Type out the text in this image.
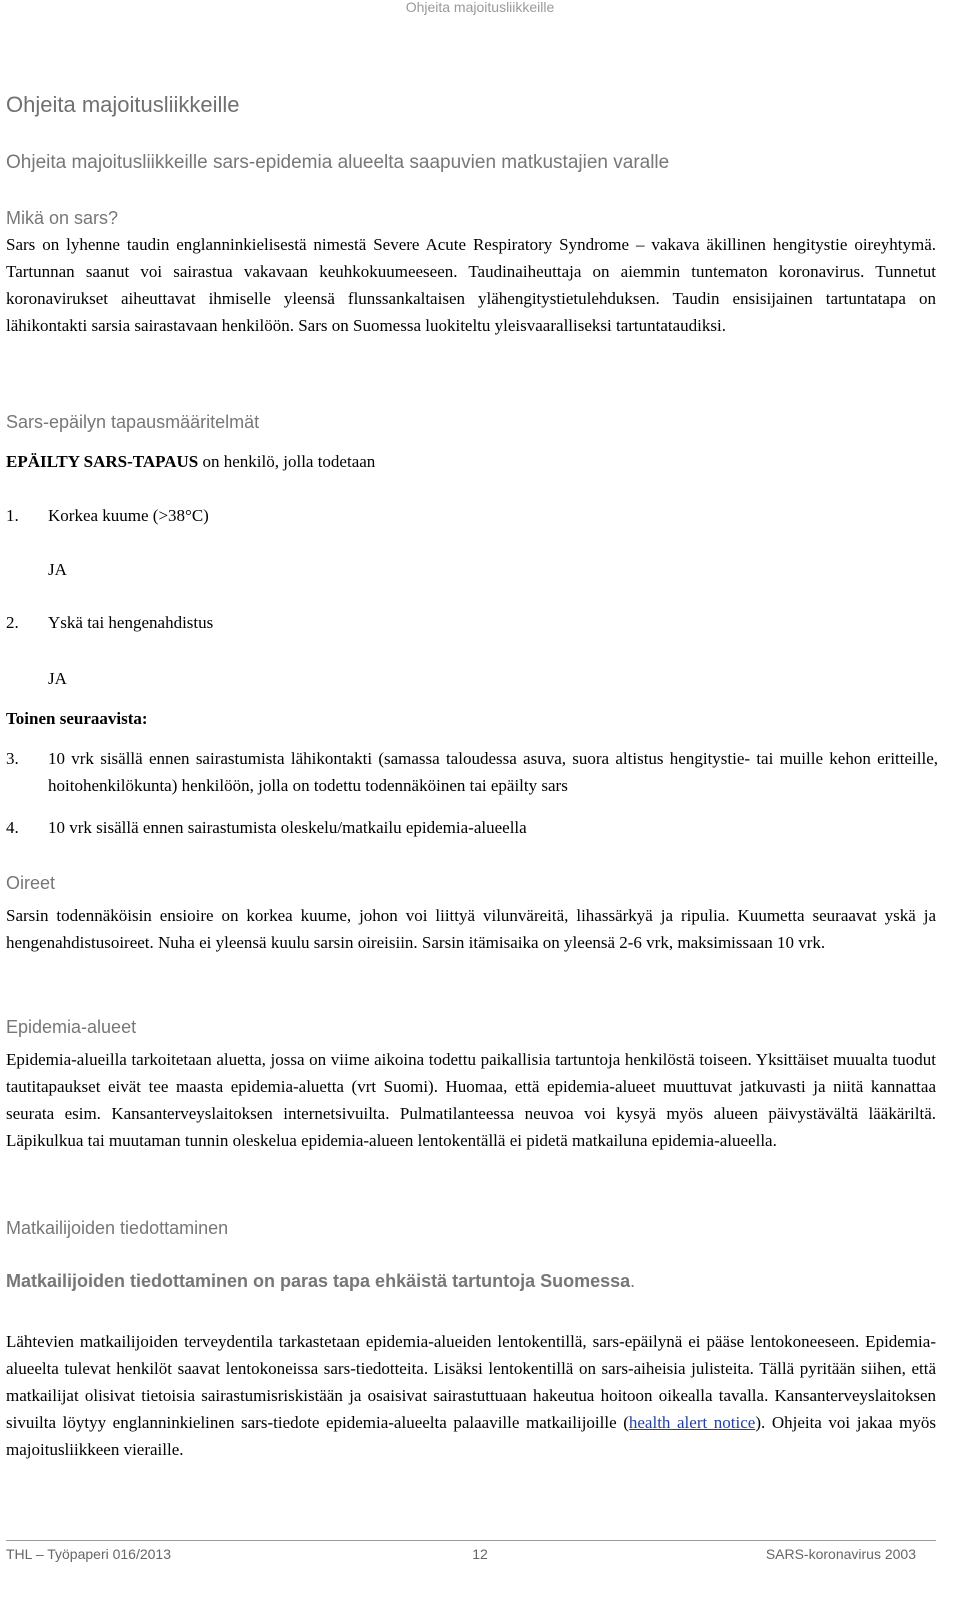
Ohjeita majoitusliikkeille
Ohjeita majoitusliikkeille
Ohjeita majoitusliikkeille sars-epidemia alueelta saapuvien matkustajien varalle
Mikä on sars?
Sars on lyhenne taudin englanninkielisestä nimestä Severe Acute Respiratory Syndrome – vakava äkillinen hengitystie oireyhtymä. Tartunnan saanut voi sairastua vakavaan keuhkokuumeeseen. Taudinaiheuttaja on aiemmin tuntematon koronavirus. Tunnetut koronavirukset aiheuttavat ihmiselle yleensä flunssankaltaisen ylähengitystietulehduksen. Taudin ensisijainen tartuntatapa on lähikontakti sarsia sairastavaan henkilöön. Sars on Suomessa luokiteltu yleisvaaralliseksi tartuntataudiksi.
Sars-epäilyn tapausmääritelmät
EPÄILTY SARS-TAPAUS on henkilö, jolla todetaan
1. Korkea kuume (>38°C)
JA
2. Yskä tai hengenahdistus
JA
Toinen seuraavista:
3. 10 vrk sisällä ennen sairastumista lähikontakti (samassa taloudessa asuva, suora altistus hengitystie- tai muille kehon eritteille, hoitohenkilökunta) henkilöön, jolla on todettu todennäköinen tai epäilty sars
4. 10 vrk sisällä ennen sairastumista oleskelu/matkailu epidemia-alueella
Oireet
Sarsin todennäköisin ensioire on korkea kuume, johon voi liittyä vilunväreitä, lihassärkyä ja ripulia. Kuumetta seuraavat yskä ja hengenahdistusoireet. Nuha ei yleensä kuulu sarsin oireisiin. Sarsin itämisaika on yleensä 2-6 vrk, maksimissaan 10 vrk.
Epidemia-alueet
Epidemia-alueilla tarkoitetaan aluetta, jossa on viime aikoina todettu paikallisia tartuntoja henkilöstä toiseen. Yksittäiset muualta tuodut tautitapaukset eivät tee maasta epidemia-aluetta (vrt Suomi). Huomaa, että epidemia-alueet muuttuvat jatkuvasti ja niitä kannattaa seurata esim. Kansanterveyslaitoksen internetsivuilta. Pulmatilanteessa neuvoa voi kysyä myös alueen päivystävältä lääkäriltä. Läpikulkua tai muutaman tunnin oleskelua epidemia-alueen lentokentällä ei pidetä matkailuna epidemia-alueella.
Matkailijoiden tiedottaminen
Matkailijoiden tiedottaminen on paras tapa ehkäistä tartuntoja Suomessa.
Lähtevien matkailijoiden terveydentila tarkastetaan epidemia-alueiden lentokentillä, sars-epäilynä ei pääse lentokoneeseen. Epidemia-alueelta tulevat henkilöt saavat lentokoneissa sars-tiedotteita. Lisäksi lentokentillä on sars-aiheisia julisteita. Tällä pyritään siihen, että matkailijat olisivat tietoisia sairastumisriskistään ja osaisivat sairastuttuaan hakeutua hoitoon oikealla tavalla. Kansanterveyslaitoksen sivuilta löytyy englanninkielinen sars-tiedote epidemia-alueelta palaaville matkailijoille (health alert notice). Ohjeita voi jakaa myös majoitusliikkeen vieraille.
THL – Työpaperi 016/2013	12	SARS-koronavirus 2003
